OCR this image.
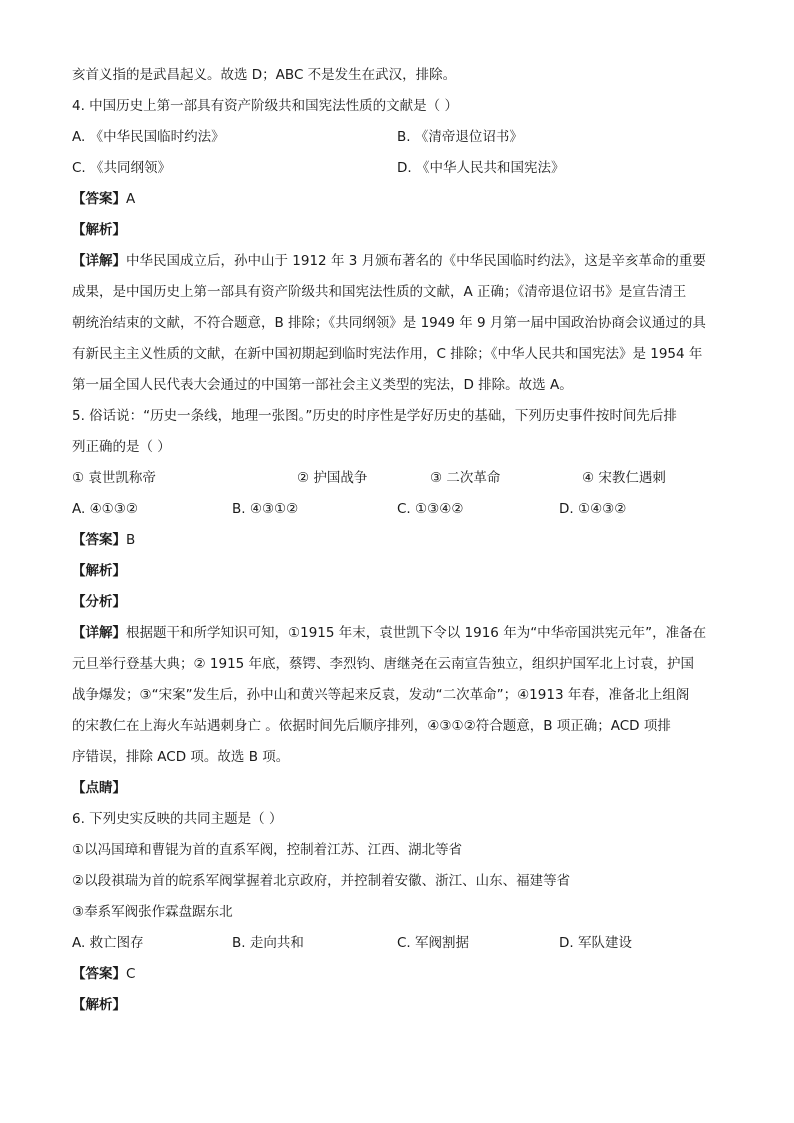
亥首义指的是武昌起义。故选 D；ABC 不是发生在武汉，排除。
4. 中国历史上第一部具有资产阶级共和国宪法性质的文献是（ ）
A. 《中华民国临时约法》	B. 《清帝退位诏书》
C. 《共同纲领》	D. 《中华人民共和国宪法》
【答案】A
【解析】
【详解】中华民国成立后，孙中山于 1912 年 3 月颁布著名的《中华民国临时约法》，这是辛亥革命的重要
成果，是中国历史上第一部具有资产阶级共和国宪法性质的文献，A 正确；《清帝退位诏书》是宣告清王
朝统治结束的文献，不符合题意，B 排除；《共同纲领》是 1949 年 9 月第一届中国政治协商会议通过的具
有新民主主义性质的文献，在新中国初期起到临时宪法作用，C 排除；《中华人民共和国宪法》是 1954 年
第一届全国人民代表大会通过的中国第一部社会主义类型的宪法，D 排除。故选 A。
5. 俗话说：“历史一条线，地理一张图。”历史的时序性是学好历史的基础，下列历史事件按时间先后排
列正确的是（ ）
① 袁世凯称帝	② 护国战争	③ 二次革命	④ 宋教仁遇刺
A. ④①③②	B. ④③①②	C. ①③④②	D. ①④③②
【答案】B
【解析】
【分析】
【详解】根据题干和所学知识可知，①1915 年末，袁世凯下令以 1916 年为“中华帝国洪宪元年”，准备在
元旦举行登基大典；② 1915 年底，蔡锷、李烈钧、唐继尧在云南宣告独立，组织护国军北上讨袁，护国
战争爆发；③“宋案”发生后，孙中山和黄兴等起来反袁，发动“二次革命”；④1913 年春，准备北上组阁
的宋教仁在上海火车站遇刺身亡 。依据时间先后顺序排列，④③①②符合题意，B 项正确；ACD 项排
序错误，排除 ACD 项。故选 B 项。
【点睛】
6. 下列史实反映的共同主题是（ ）
①以冯国璋和曹锟为首的直系军阀，控制着江苏、江西、湖北等省
②以段祺瑞为首的皖系军阀掌握着北京政府，并控制着安徽、浙江、山东、福建等省
③奉系军阀张作霖盘踞东北
A. 救亡图存	B. 走向共和	C. 军阀割据	D. 军队建设
【答案】C
【解析】
